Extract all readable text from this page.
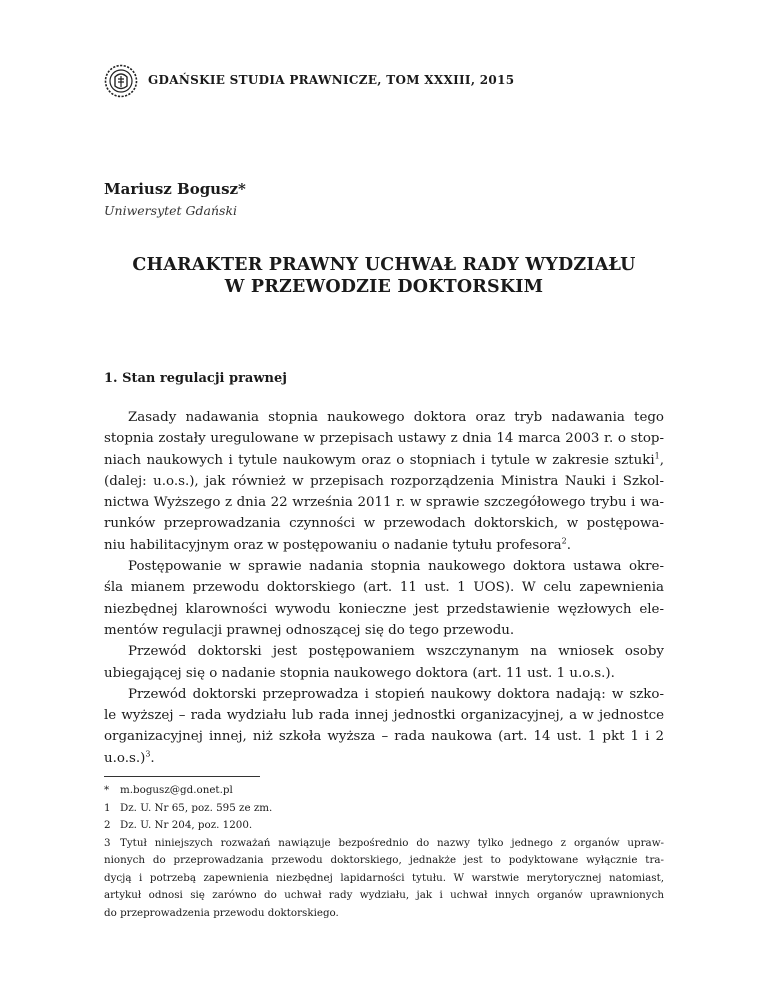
GDAŃSKIE STUDIA PRAWNICZE, TOM XXXIII, 2015
Mariusz Bogusz*
Uniwersytet Gdański
CHARAKTER PRAWNY UCHWAŁ RADY WYDZIAŁU
W PRZEWODZIE DOKTORSKIM
1. Stan regulacji prawnej
Zasady nadawania stopnia naukowego doktora oraz tryb nadawania tego
stopnia zostały uregulowane w przepisach ustawy z dnia 14 marca 2003 r. o stop-
niach naukowych i tytule naukowym oraz o stopniach i tytule w zakresie sztuki$^1$,
(dalej: u.o.s.), jak również w przepisach rozporządzenia Ministra Nauki i Szkol-
nictwa Wyższego z dnia 22 września 2011 r. w sprawie szczegółowego trybu i wa-
runków przeprowadzania czynności w przewodach doktorskich, w postępowa-
niu habilitacyjnym oraz w postępowaniu o nadanie tytułu profesora$^2$.
Postępowanie w sprawie nadania stopnia naukowego doktora ustawa okre-
śla mianem przewodu doktorskiego (art. 11 ust. 1 UOS). W celu zapewnienia
niezbędnej klarowności wywodu konieczne jest przedstawienie węzłowych ele-
mentów regulacji prawnej odnoszącej się do tego przewodu.
Przewód doktorski jest postępowaniem wszczynanym na wniosek osoby
ubiegającej się o nadanie stopnia naukowego doktora (art. 11 ust. 1 u.o.s.).
Przewód doktorski przeprowadza i stopień naukowy doktora nadają: w szko-
le wyższej – rada wydziału lub rada innej jednostki organizacyjnej, a w jednostce
organizacyjnej innej, niż szkoła wyższa – rada naukowa (art. 14 ust. 1 pkt 1 i 2
u.o.s.)$^3$.
* m.bogusz@gd.onet.pl
1 Dz. U. Nr 65, poz. 595 ze zm.
2 Dz. U. Nr 204, poz. 1200.
3 Tytuł niniejszych rozważań nawiązuje bezpośrednio do nazwy tylko jednego z organów upraw-
nionych do przeprowadzania przewodu doktorskiego, jednakże jest to podyktowane wyłącznie tra-
dycją i potrzebą zapewnienia niezbędnej lapidarności tytułu. W warstwie merytorycznej natomiast,
artykuł odnosi się zarówno do uchwał rady wydziału, jak i uchwał innych organów uprawnionych
do przeprowadzenia przewodu doktorskiego.
